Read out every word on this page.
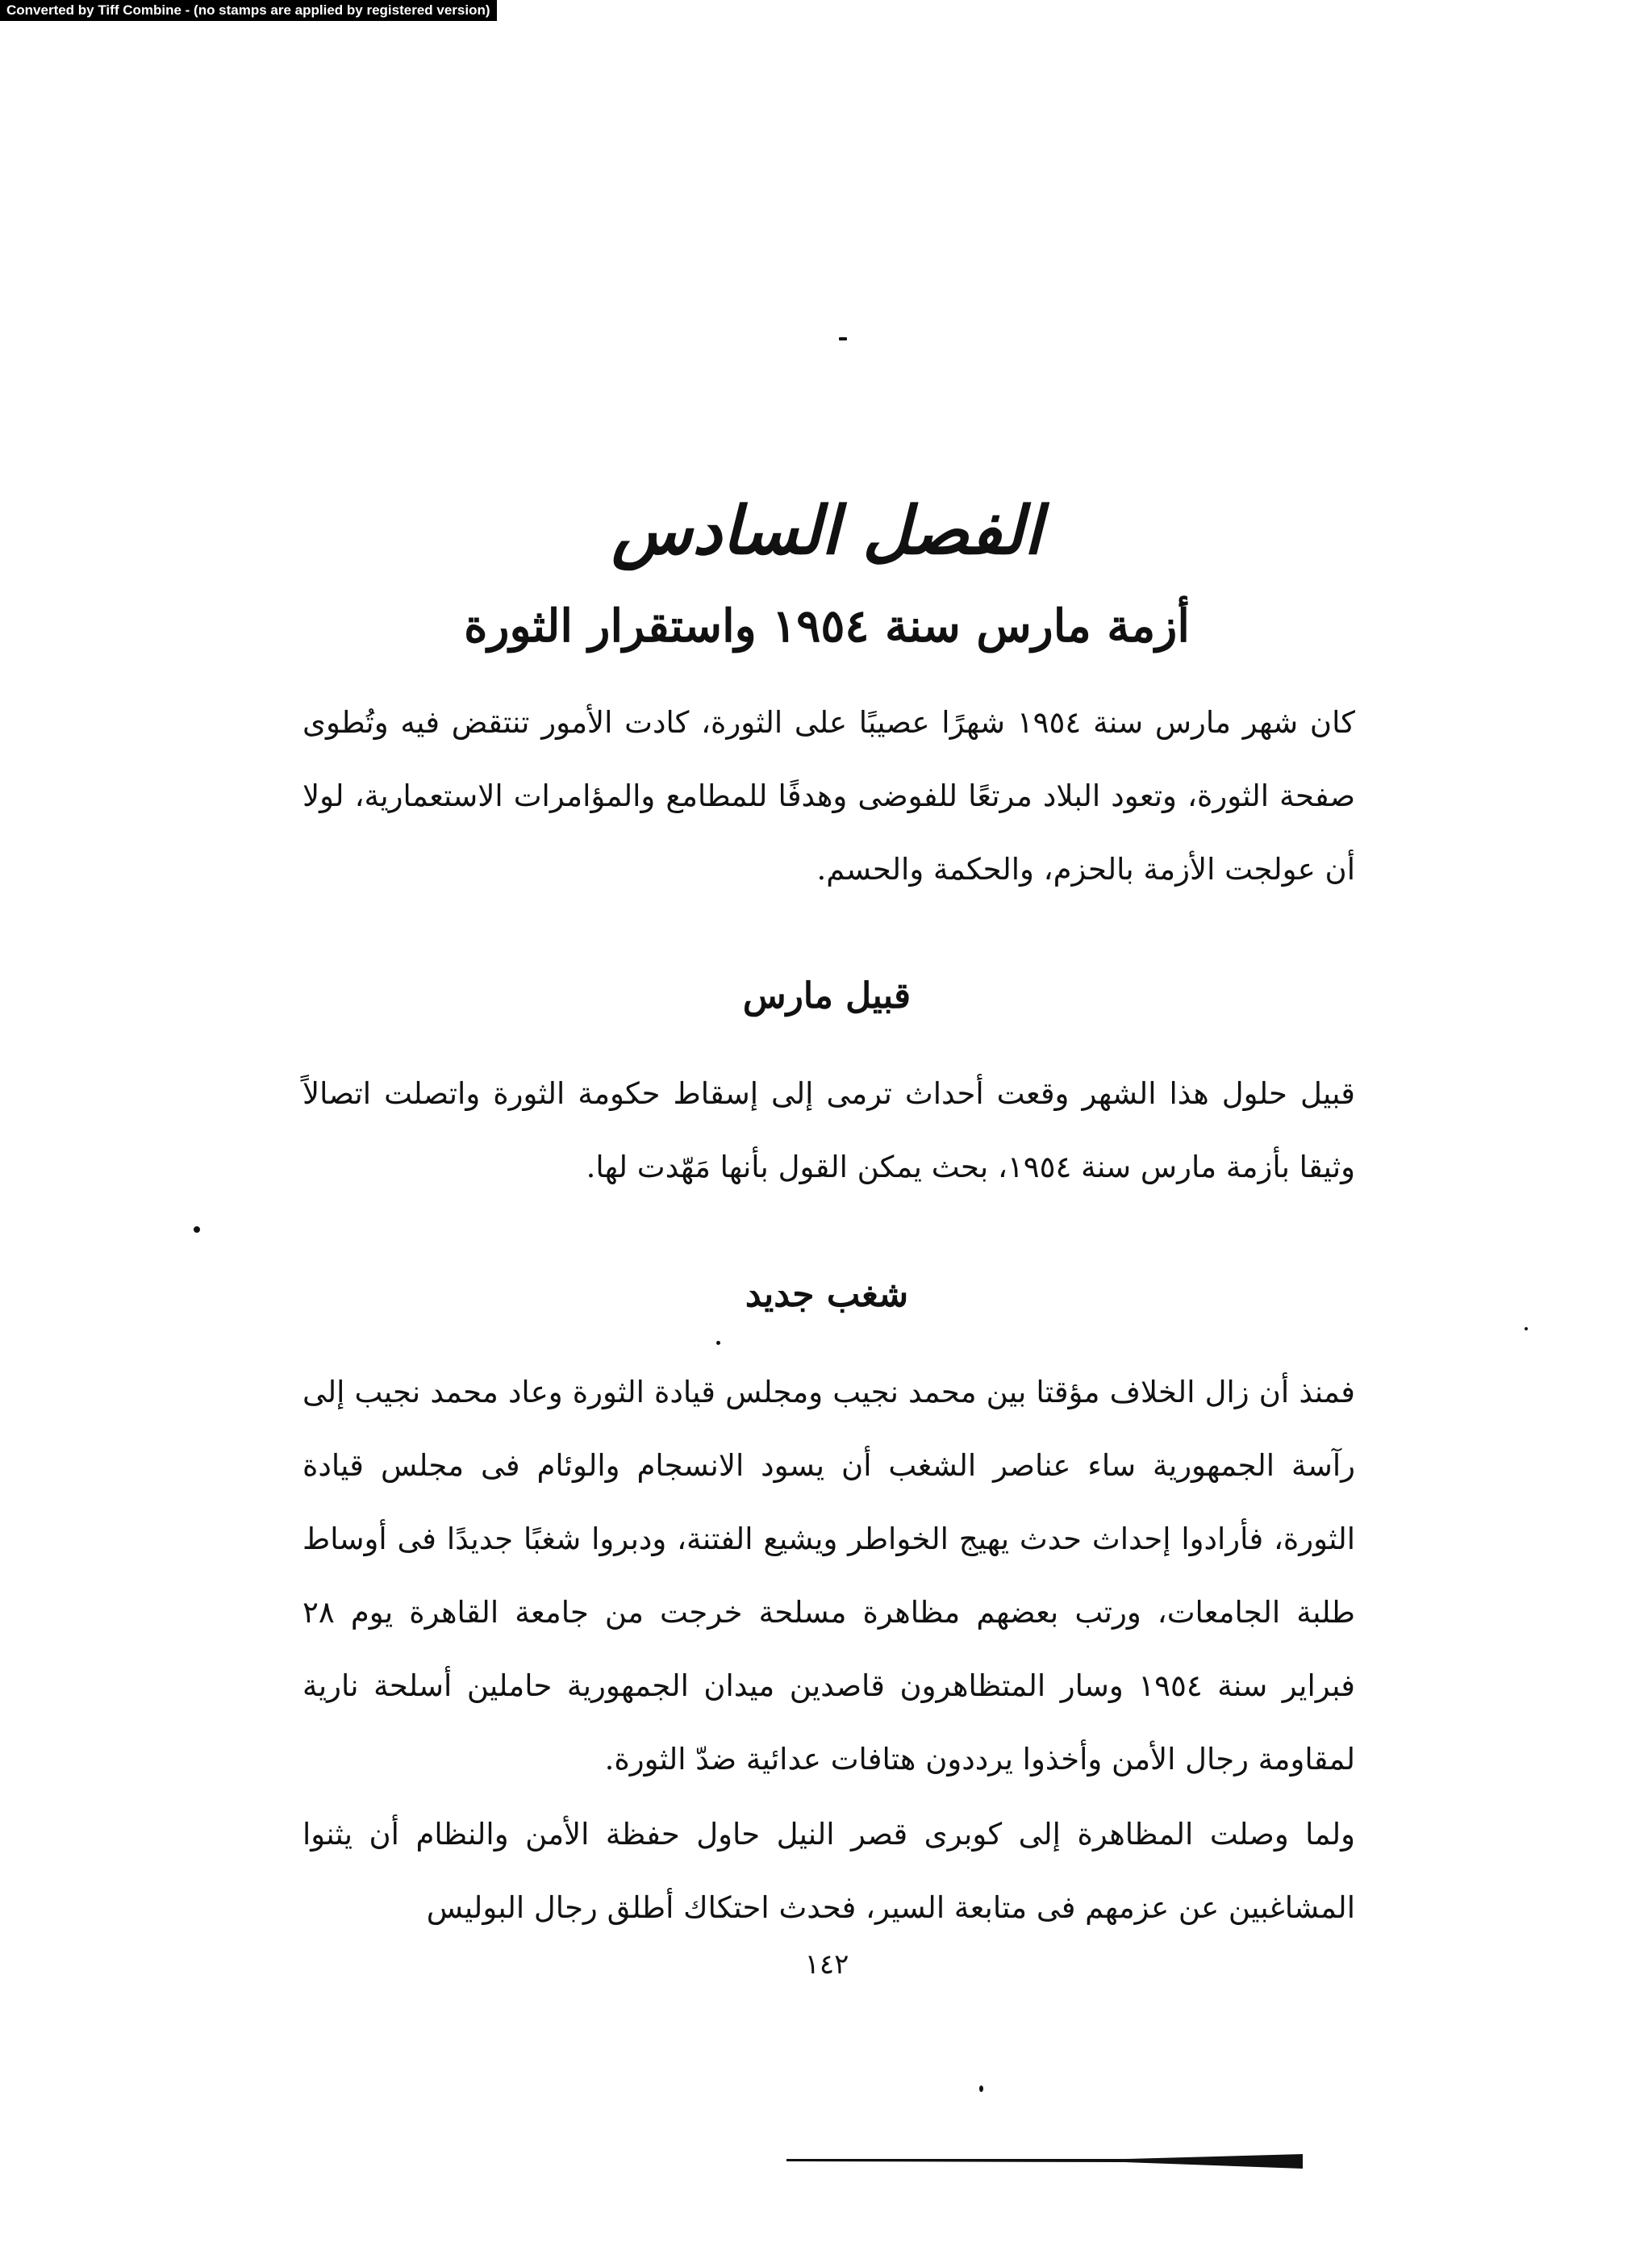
Converted by Tiff Combine - (no stamps are applied by registered version)
الفصل السادس
أزمة مارس سنة ١٩٥٤ واستقرار الثورة

كان شهر مارس سنة ١٩٥٤ شهرًا عصيبًا على الثورة، كادت الأمور تنتقض فيه وتُطوى صفحة الثورة، وتعود البلاد مرتعًا للفوضى وهدفًا للمطامع والمؤامرات الاستعمارية، لولا أن عولجت الأزمة بالحزم، والحكمة والحسم.

قبيل مارس

قبيل حلول هذا الشهر وقعت أحداث ترمى إلى إسقاط حكومة الثورة واتصلت اتصالاً وثيقا بأزمة مارس سنة ١٩٥٤، بحث يمكن القول بأنها مَهّدت لها.

شغب جديد

فمنذ أن زال الخلاف مؤقتا بين محمد نجيب ومجلس قيادة الثورة وعاد محمد نجيب إلى رآسة الجمهورية ساء عناصر الشغب أن يسود الانسجام والوئام فى مجلس قيادة الثورة، فأرادوا إحداث حدث يهيج الخواطر ويشيع الفتنة، ودبروا شغبًا جديدًا فى أوساط طلبة الجامعات، ورتب بعضهم مظاهرة مسلحة خرجت من جامعة القاهرة يوم ٢٨ فبراير سنة ١٩٥٤ وسار المتظاهرون قاصدين ميدان الجمهورية حاملين أسلحة نارية لمقاومة رجال الأمن وأخذوا يرددون هتافات عدائية ضدّ الثورة.

ولما وصلت المظاهرة إلى كوبرى قصر النيل حاول حفظة الأمن والنظام أن يثنوا المشاغبين عن عزمهم فى متابعة السير، فحدث احتكاك أطلق رجال البوليس

١٤٢
